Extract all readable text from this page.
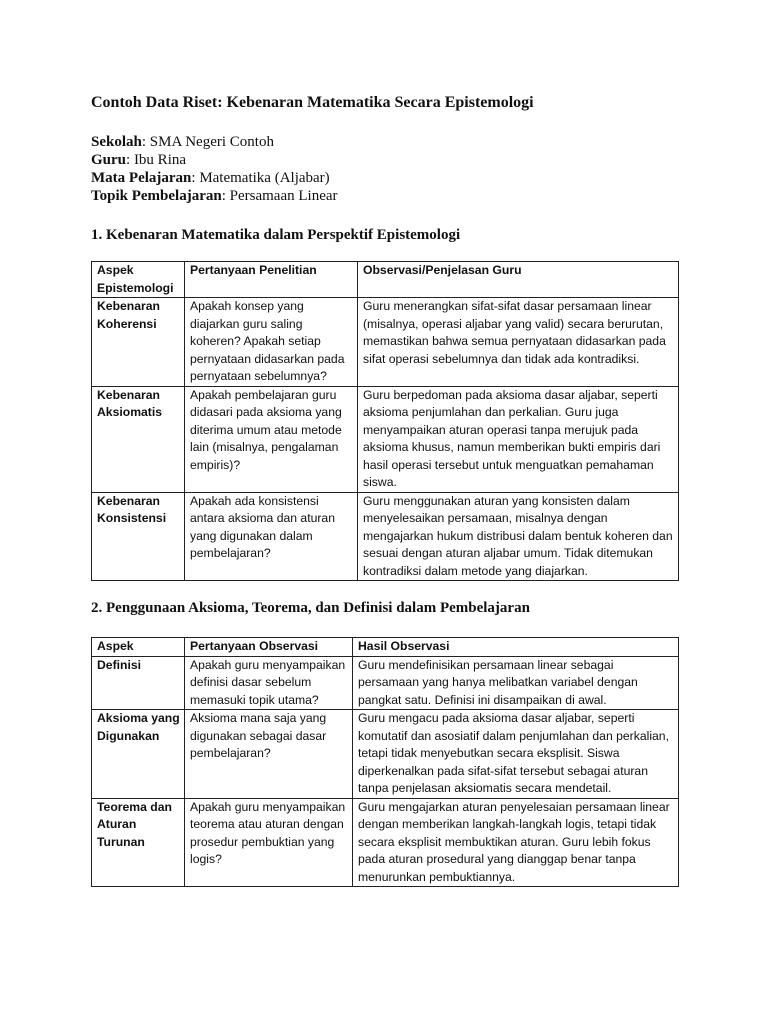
Contoh Data Riset: Kebenaran Matematika Secara Epistemologi
Sekolah: SMA Negeri Contoh
Guru: Ibu Rina
Mata Pelajaran: Matematika (Aljabar)
Topik Pembelajaran: Persamaan Linear
1. Kebenaran Matematika dalam Perspektif Epistemologi
Aspek Epistemologi	Pertanyaan Penelitian	Observasi/Penjelasan Guru
Kebenaran Koherensi	Apakah konsep yang diajarkan guru saling koheren? Apakah setiap pernyataan didasarkan pada pernyataan sebelumnya?	Guru menerangkan sifat-sifat dasar persamaan linear (misalnya, operasi aljabar yang valid) secara berurutan, memastikan bahwa semua pernyataan didasarkan pada sifat operasi sebelumnya dan tidak ada kontradiksi.
Kebenaran Aksiomatis	Apakah pembelajaran guru didasari pada aksioma yang diterima umum atau metode lain (misalnya, pengalaman empiris)?	Guru berpedoman pada aksioma dasar aljabar, seperti aksioma penjumlahan dan perkalian. Guru juga menyampaikan aturan operasi tanpa merujuk pada aksioma khusus, namun memberikan bukti empiris dari hasil operasi tersebut untuk menguatkan pemahaman siswa.
Kebenaran Konsistensi	Apakah ada konsistensi antara aksioma dan aturan yang digunakan dalam pembelajaran?	Guru menggunakan aturan yang konsisten dalam menyelesaikan persamaan, misalnya dengan mengajarkan hukum distribusi dalam bentuk koheren dan sesuai dengan aturan aljabar umum. Tidak ditemukan kontradiksi dalam metode yang diajarkan.
2. Penggunaan Aksioma, Teorema, dan Definisi dalam Pembelajaran
Aspek	Pertanyaan Observasi	Hasil Observasi
Definisi	Apakah guru menyampaikan definisi dasar sebelum memasuki topik utama?	Guru mendefinisikan persamaan linear sebagai persamaan yang hanya melibatkan variabel dengan pangkat satu. Definisi ini disampaikan di awal.
Aksioma yang Digunakan	Aksioma mana saja yang digunakan sebagai dasar pembelajaran?	Guru mengacu pada aksioma dasar aljabar, seperti komutatif dan asosiatif dalam penjumlahan dan perkalian, tetapi tidak menyebutkan secara eksplisit. Siswa diperkenalkan pada sifat-sifat tersebut sebagai aturan tanpa penjelasan aksiomatis secara mendetail.
Teorema dan Aturan Turunan	Apakah guru menyampaikan teorema atau aturan dengan prosedur pembuktian yang logis?	Guru mengajarkan aturan penyelesaian persamaan linear dengan memberikan langkah-langkah logis, tetapi tidak secara eksplisit membuktikan aturan. Guru lebih fokus pada aturan prosedural yang dianggap benar tanpa menurunkan pembuktiannya.
